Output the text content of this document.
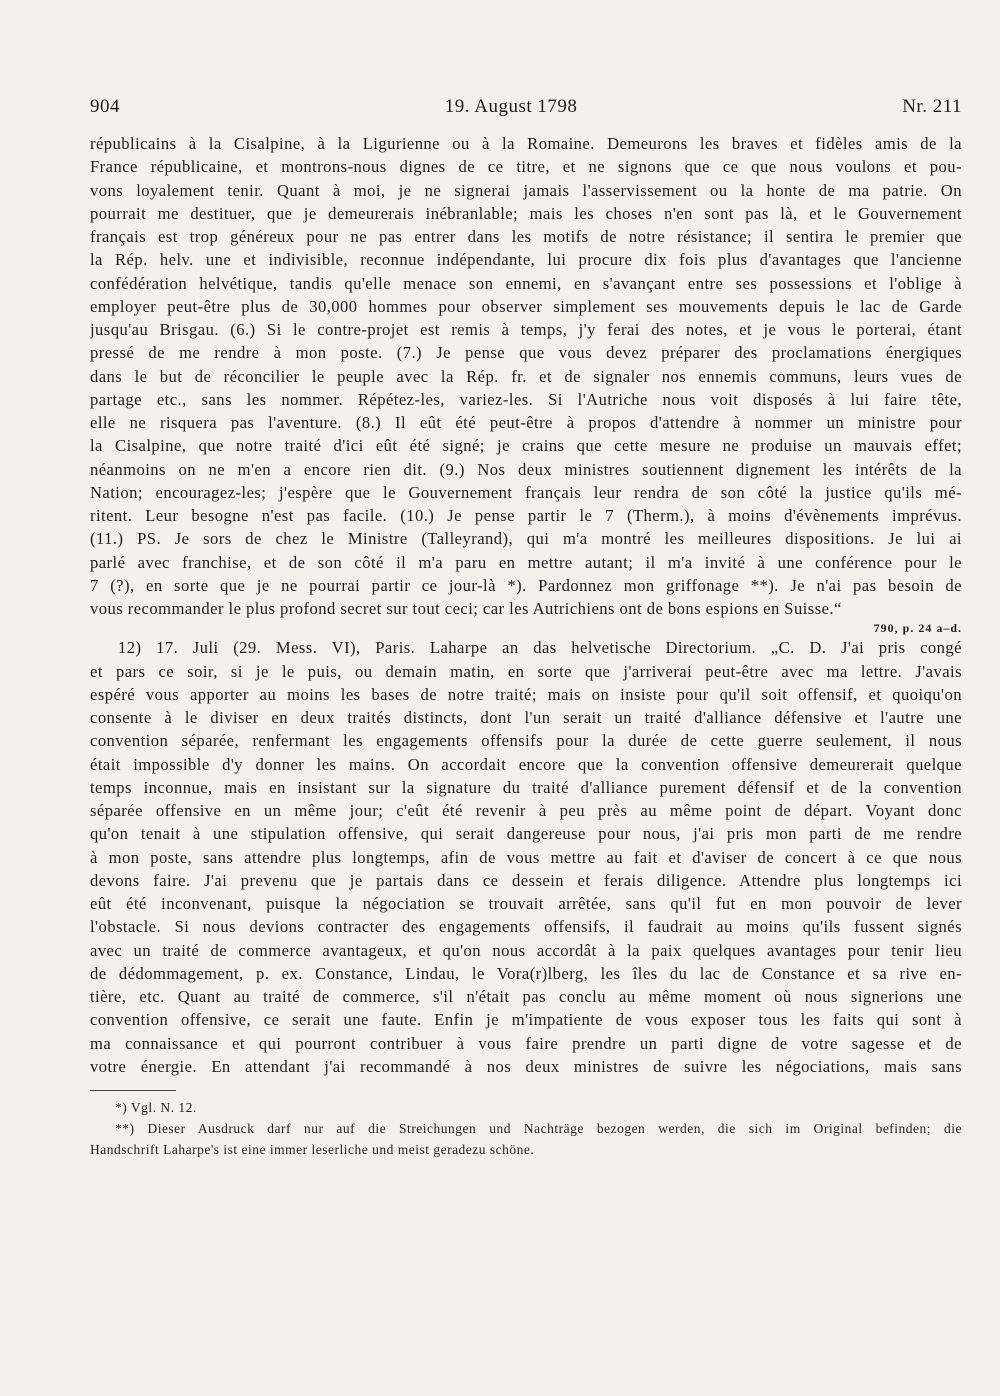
904	19. August 1798	Nr. 211
républicains à la Cisalpine, à la Ligurienne ou à la Romaine. Demeurons les braves et fidèles amis de la
France républicaine, et montrons-nous dignes de ce titre, et ne signons que ce que nous voulons et pou-
vons loyalement tenir. Quant à moi, je ne signerai jamais l'asservissement ou la honte de ma patrie. On
pourrait me destituer, que je demeurerais inébranlable; mais les choses n'en sont pas là, et le Gouvernement
français est trop généreux pour ne pas entrer dans les motifs de notre résistance; il sentira le premier que
la Rép. helv. une et indivisible, reconnue indépendante, lui procure dix fois plus d'avantages que l'ancienne
confédération helvétique, tandis qu'elle menace son ennemi, en s'avançant entre ses possessions et l'oblige à
employer peut-être plus de 30,000 hommes pour observer simplement ses mouvements depuis le lac de Garde
jusqu'au Brisgau. (6.) Si le contre-projet est remis à temps, j'y ferai des notes, et je vous le porterai, étant
pressé de me rendre à mon poste. (7.) Je pense que vous devez préparer des proclamations énergiques
dans le but de réconcilier le peuple avec la Rép. fr. et de signaler nos ennemis communs, leurs vues de
partage etc., sans les nommer. Répétez-les, variez-les. Si l'Autriche nous voit disposés à lui faire tête,
elle ne risquera pas l'aventure. (8.) Il eût été peut-être à propos d'attendre à nommer un ministre pour
la Cisalpine, que notre traité d'ici eût été signé; je crains que cette mesure ne produise un mauvais effet;
néanmoins on ne m'en a encore rien dit. (9.) Nos deux ministres soutiennent dignement les intérêts de la
Nation; encouragez-les; j'espère que le Gouvernement français leur rendra de son côté la justice qu'ils mé-
ritent. Leur besogne n'est pas facile. (10.) Je pense partir le 7 (Therm.), à moins d'évènements imprévus.
(11.) PS. Je sors de chez le Ministre (Talleyrand), qui m'a montré les meilleures dispositions. Je lui ai
parlé avec franchise, et de son côté il m'a paru en mettre autant; il m'a invité à une conférence pour le
7 (?), en sorte que je ne pourrai partir ce jour-là *). Pardonnez mon griffonage **). Je n'ai pas besoin de
vous recommander le plus profond secret sur tout ceci; car les Autrichiens ont de bons espions en Suisse.“
790, p. 24 a–d.
12) 17. Juli (29. Mess. VI), Paris. Laharpe an das helvetische Directorium. „C. D. J'ai pris congé
et pars ce soir, si je le puis, ou demain matin, en sorte que j'arriverai peut-être avec ma lettre. J'avais
espéré vous apporter au moins les bases de notre traité; mais on insiste pour qu'il soit offensif, et quoiqu'on
consente à le diviser en deux traités distincts, dont l'un serait un traité d'alliance défensive et l'autre une
convention séparée, renfermant les engagements offensifs pour la durée de cette guerre seulement, il nous
était impossible d'y donner les mains. On accordait encore que la convention offensive demeurerait quelque
temps inconnue, mais en insistant sur la signature du traité d'alliance purement défensif et de la convention
séparée offensive en un même jour; c'eût été revenir à peu près au même point de départ. Voyant donc
qu'on tenait à une stipulation offensive, qui serait dangereuse pour nous, j'ai pris mon parti de me rendre
à mon poste, sans attendre plus longtemps, afin de vous mettre au fait et d'aviser de concert à ce que nous
devons faire. J'ai prevenu que je partais dans ce dessein et ferais diligence. Attendre plus longtemps ici
eût été inconvenant, puisque la négociation se trouvait arrêtée, sans qu'il fut en mon pouvoir de lever
l'obstacle. Si nous devions contracter des engagements offensifs, il faudrait au moins qu'ils fussent signés
avec un traité de commerce avantageux, et qu'on nous accordât à la paix quelques avantages pour tenir lieu
de dédommagement, p. ex. Constance, Lindau, le Vora(r)lberg, les îles du lac de Constance et sa rive en-
tière, etc. Quant au traité de commerce, s'il n'était pas conclu au même moment où nous signerions une
convention offensive, ce serait une faute. Enfin je m'impatiente de vous exposer tous les faits qui sont à
ma connaissance et qui pourront contribuer à vous faire prendre un parti digne de votre sagesse et de
votre énergie. En attendant j'ai recommandé à nos deux ministres de suivre les négociations, mais sans
*) Vgl. N. 12.
**) Dieser Ausdruck darf nur auf die Streichungen und Nachträge bezogen werden, die sich im Original befinden; die
Handschrift Laharpe's ist eine immer leserliche und meist geradezu schöne.
